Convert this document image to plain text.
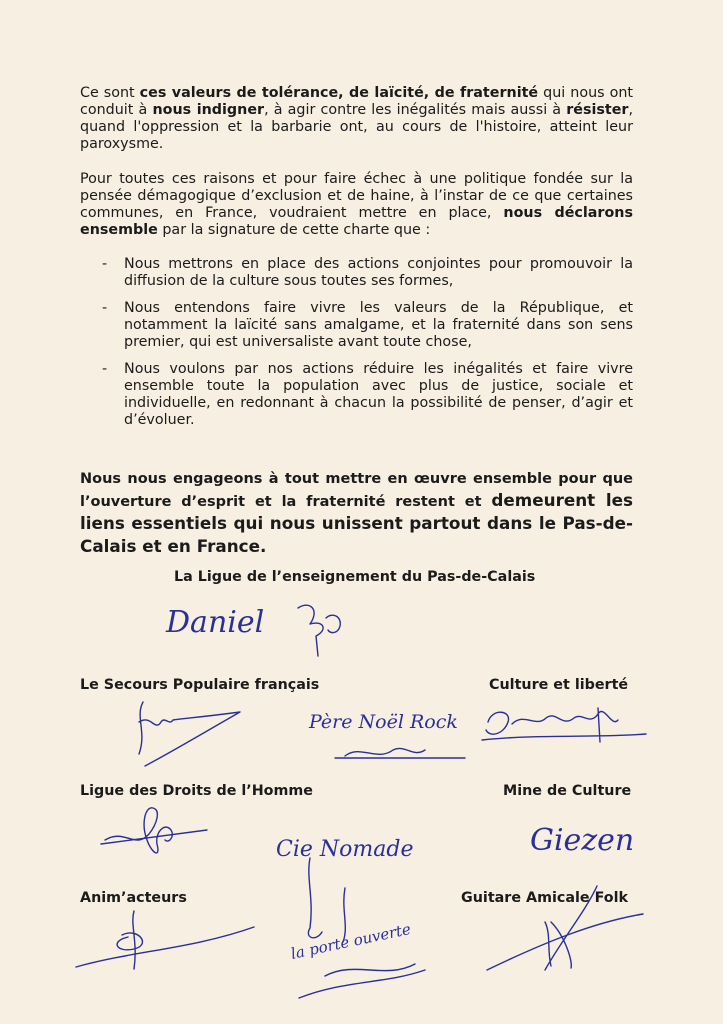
Ce sont ces valeurs de tolérance, de laïcité, de fraternité qui nous ont conduit à nous indigner, à agir contre les inégalités mais aussi à résister, quand l'oppression et la barbarie ont, au cours de l'histoire, atteint leur paroxysme.

Pour toutes ces raisons et pour faire échec à une politique fondée sur la pensée démagogique d’exclusion et de haine, à l’instar de ce que certaines communes, en France, voudraient mettre en place, nous déclarons ensemble par la signature de cette charte que :

- Nous mettrons en place des actions conjointes pour promouvoir la diffusion de la culture sous toutes ses formes,
- Nous entendons faire vivre les valeurs de la République, et notamment la laïcité sans amalgame, et la fraternité dans son sens premier, qui est universaliste avant toute chose,
- Nous voulons par nos actions réduire les inégalités et faire vivre ensemble toute la population avec plus de justice, sociale et individuelle, en redonnant à chacun la possibilité de penser, d’agir et d’évoluer.

Nous nous engageons à tout mettre en œuvre ensemble pour que l’ouverture d’esprit et la fraternité restent et demeurent les liens essentiels qui nous unissent partout dans le Pas-de-Calais et en France.

La Ligue de l’enseignement du Pas-de-Calais
Le Secours Populaire français	Culture et liberté
Ligue des Droits de l’Homme	Mine de Culture
Anim’acteurs	Guitare Amicale Folk
Daniel
Père Noël Rock
Cie Nomade	Giezen
la porte ouverte
